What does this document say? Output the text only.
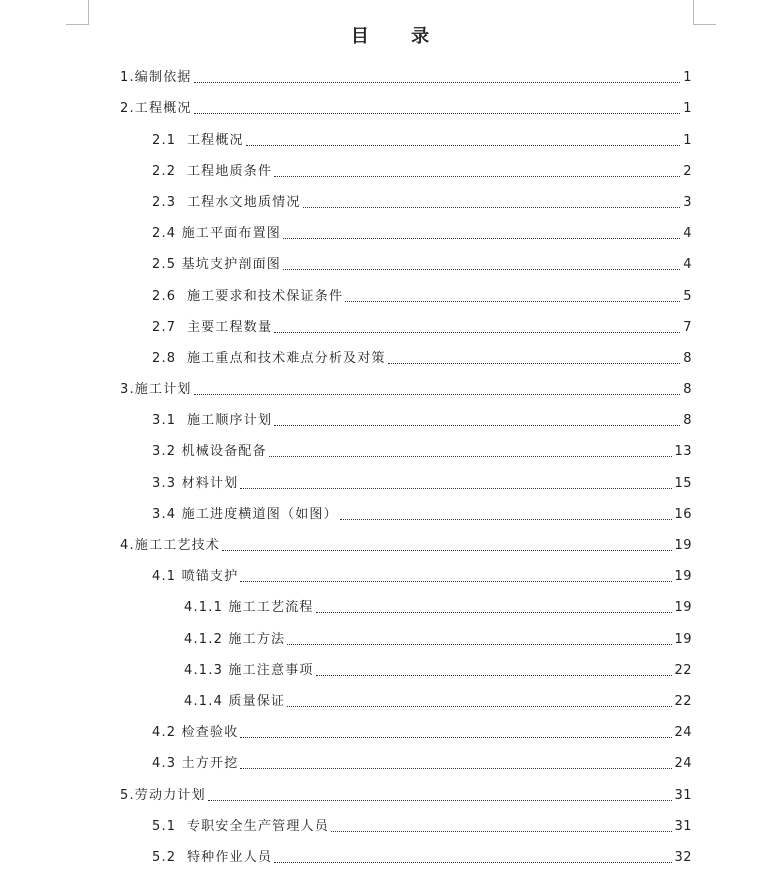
目 录
1.编制依据	1
2.工程概况	1
2.1  工程概况	1
2.2  工程地质条件	2
2.3  工程水文地质情况	3
2.4 施工平面布置图	4
2.5 基坑支护剖面图	4
2.6  施工要求和技术保证条件	5
2.7  主要工程数量	7
2.8  施工重点和技术难点分析及对策	8
3.施工计划	8
3.1  施工顺序计划	8
3.2 机械设备配备	13
3.3 材料计划	15
3.4 施工进度横道图（如图）	16
4.施工工艺技术	19
4.1 喷锚支护	19
4.1.1 施工工艺流程	19
4.1.2 施工方法	19
4.1.3 施工注意事项	22
4.1.4 质量保证	22
4.2 检查验收	24
4.3 土方开挖	24
5.劳动力计划	31
5.1  专职安全生产管理人员	31
5.2  特种作业人员	32
